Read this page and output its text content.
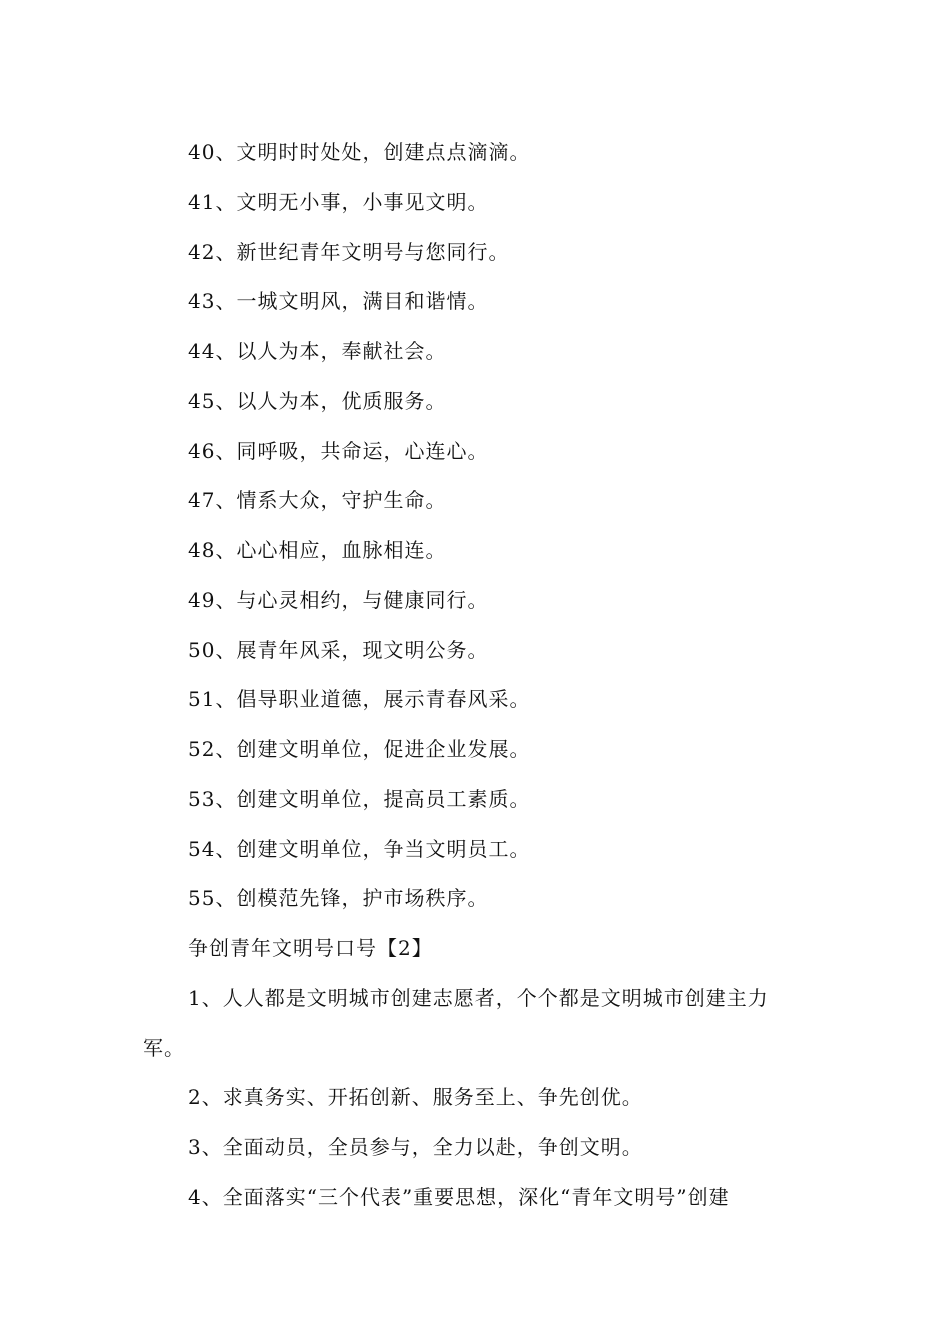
40、文明时时处处，创建点点滴滴。
41、文明无小事，小事见文明。
42、新世纪青年文明号与您同行。
43、一城文明风，满目和谐情。
44、以人为本，奉献社会。
45、以人为本，优质服务。
46、同呼吸，共命运，心连心。
47、情系大众，守护生命。
48、心心相应，血脉相连。
49、与心灵相约，与健康同行。
50、展青年风采，现文明公务。
51、倡导职业道德，展示青春风采。
52、创建文明单位，促进企业发展。
53、创建文明单位，提高员工素质。
54、创建文明单位，争当文明员工。
55、创模范先锋，护市场秩序。
争创青年文明号口号【2】
1、人人都是文明城市创建志愿者，个个都是文明城市创建主力
军。
2、求真务实、开拓创新、服务至上、争先创优。
3、全面动员，全员参与，全力以赴，争创文明。
4、全面落实“三个代表”重要思想，深化“青年文明号”创建
